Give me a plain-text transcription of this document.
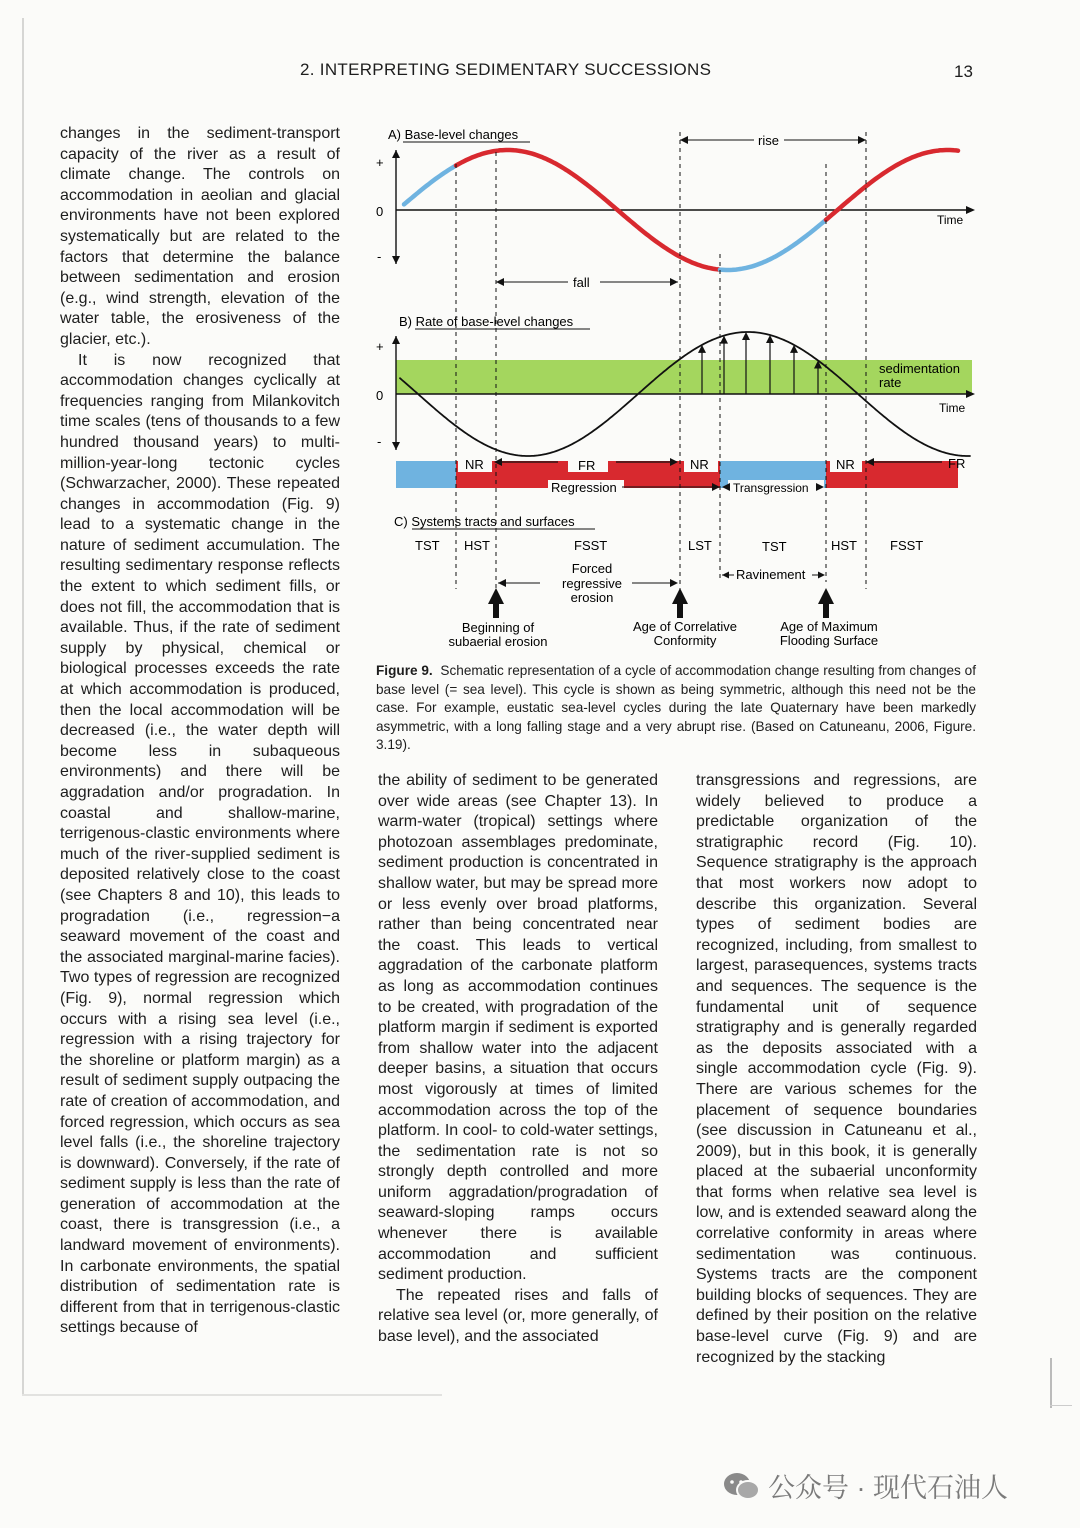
2. INTERPRETING SEDIMENTARY SUCCESSIONS	13

changes in the sediment-transport capacity of the river as a result of climate change. The controls on accommodation in aeolian and glacial environments have not been explored systematically but are related to the factors that determine the balance between sedimentation and erosion (e.g., wind strength, elevation of the water table, the erosiveness of the glacier, etc.).

It is now recognized that accommodation changes cyclically at frequencies ranging from Milankovitch time scales (tens of thousands to a few hundred thousand years) to multi-million-year-long tectonic cycles (Schwarzacher, 2000). These repeated changes in accommodation (Fig. 9) lead to a systematic change in the nature of sediment accumulation. The resulting sedimentary response reflects the extent to which sediment fills, or does not fill, the accommodation that is available. Thus, if the rate of sediment supply by physical, chemical or biological processes exceeds the rate at which accommodation is produced, then the local accommodation will be decreased (i.e., the water depth will become less in subaqueous environments) and there will be aggradation and/or progradation. In coastal and shallow-marine, terrigenous-clastic environments where much of the river-supplied sediment is deposited relatively close to the coast (see Chapters 8 and 10), this leads to progradation (i.e., regression−a seaward movement of the coast and the associated marginal-marine facies). Two types of regression are recognized (Fig. 9), normal regression which occurs with a rising sea level (i.e., regression with a rising trajectory for the shoreline or platform margin) as a result of sediment supply outpacing the rate of creation of accommodation, and forced regression, which occurs as sea level falls (i.e., the shoreline trajectory is downward). Conversely, if the rate of sediment supply is less than the rate of generation of accommodation at the coast, there is transgression (i.e., a landward movement of environments). In carbonate environments, the spatial distribution of sedimentation rate is different from that in terrigenous-clastic settings because of

A) Base-level changes
+
0
-
Time
rise
fall
B) Rate of base-level changes
sedimentation
rate
+
0
-
Time
NR	FR	NR	NR	FR
Regression	Transgression
C) Systems tracts and surfaces
TST HST	FSST	LST	TST	HST	FSST
Forced
regressive
erosion
Ravinement
Beginning of
subaerial erosion
Age of Correlative
Conformity
Age of Maximum
Flooding Surface
Figure 9. Schematic representation of a cycle of accommodation change resulting from changes of base level (= sea level). This cycle is shown as being symmetric, although this need not be the case. For example, eustatic sea-level cycles during the late Quaternary have been markedly asymmetric, with a long falling stage and a very abrupt rise. (Based on Catuneanu, 2006, Figure. 3.19).

the ability of sediment to be generated over wide areas (see Chapter 13). In warm-water (tropical) settings where photozoan assemblages predominate, sediment production is concentrated in shallow water, but may be spread more or less evenly over broad platforms, rather than being concentrated near the coast. This leads to vertical aggradation of the carbonate platform as long as accommodation continues to be created, with progradation of the platform margin if sediment is exported from shallow water into the adjacent deeper basins, a situation that occurs most vigorously at times of limited accommodation across the top of the platform. In cool- to cold-water settings, the sedimentation rate is not so strongly depth controlled and more uniform aggradation/progradation of seaward-sloping ramps occurs whenever there is available accommodation and sufficient sediment production.

The repeated rises and falls of relative sea level (or, more generally, of base level), and the associated

transgressions and regressions, are widely believed to produce a predictable organization of the stratigraphic record (Fig. 10). Sequence stratigraphy is the approach that most workers now adopt to describe this organization. Several types of sediment bodies are recognized, including, from smallest to largest, parasequences, systems tracts and sequences. The sequence is the fundamental unit of sequence stratigraphy and is generally regarded as the deposits associated with a single accommodation cycle (Fig. 9). There are various schemes for the placement of sequence boundaries (see discussion in Catuneanu et al., 2009), but in this book, it is generally placed at the subaerial unconformity that forms when relative sea level is low, and is extended seaward along the correlative conformity in areas where sedimentation was continuous. Systems tracts are the component building blocks of sequences. They are defined by their position on the relative base-level curve (Fig. 9) and are recognized by the stacking

公众号 · 现代石油人
